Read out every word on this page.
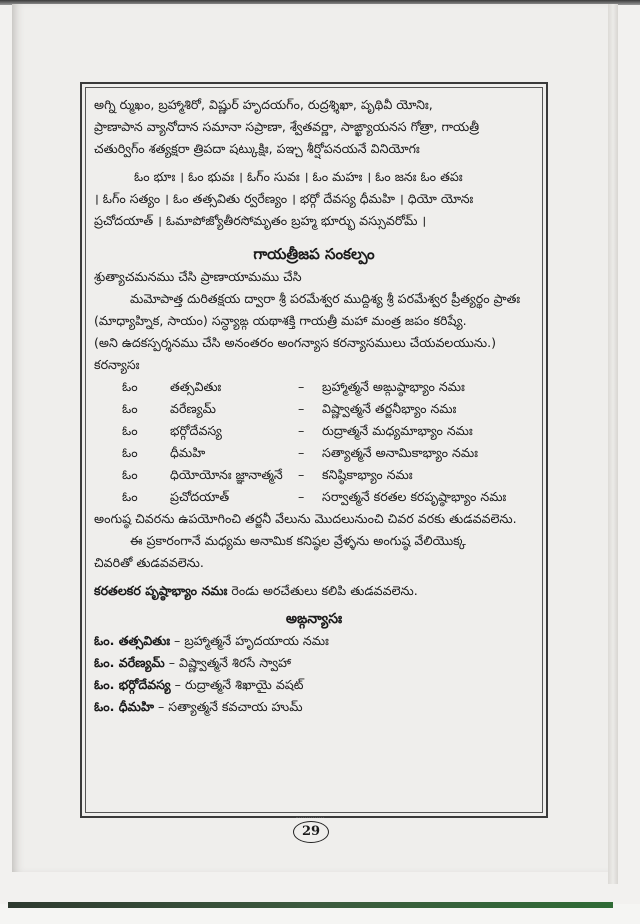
అగ్ని ర్ముఖం, బ్రహ్మాశిరో, విష్ణుర్ హృదయగ్ం, రుద్రశ్శిఖా, పృథివీ యోనిః,
ప్రాణాపాన వ్యానోదాన సమానా సప్రాణా, శ్వేతవర్ణా, సాఙ్ఖ్యాయనస గోత్రా, గాయత్రీ
చతుర్విగ్ం శత్యక్షరా త్రిపదా షట్కుక్షిః, పఞ్చ శీర్షోపనయనే వినియోగః
ఓం భూః । ఓం భువః । ఓగ్ం సువః । ఓం మహః । ఓం జనః ఓం తపః
। ఓగ్ం సత్యం । ఓం తత్సవితు ర్వరేణ్యం । భర్గో దేవస్య ధీమహి । ధియో యోనః
ప్రచోదయాత్ । ఓమాపోజ్యోతీరసోమృతం బ్రహ్మ భూర్భు వస్సువరోమ్ ।
గాయత్రీజప సంకల్పం
శ్రుత్యాచమనము చేసి ప్రాణాయామము చేసి
మమోపాత్త దురితక్షయ ద్వారా శ్రీ పరమేశ్వర ముద్దిశ్య శ్రీ పరమేశ్వర ప్రీత్యర్థం ప్రాతః
(మాధ్యాహ్నిక, సాయం) సన్ధ్యాఙ్గ యథాశక్తి గాయత్రీ మహా మంత్ర జపం కరిష్యే.
(అని ఉదకస్పర్శనము చేసి అనంతరం అంగన్యాస కరన్యాసములు చేయవలయును.)
కరన్యాసః
ఓం	తత్సవితుః	–	బ్రహ్మాత్మనే అఙ్గుష్ఠాభ్యాం నమః
ఓం	వరేణ్యమ్	–	విష్ణ్వాత్మనే తర్జనీభ్యాం నమః
ఓం	భర్గోదేవస్య	–	రుద్రాత్మనే మధ్యమాభ్యాం నమః
ఓం	ధీమహి	–	సత్యాత్మనే అనామికాభ్యాం నమః
ఓం	ధియోయోనః జ్ఞానాత్మనే	–	కనిష్ఠికాభ్యాం నమః
ఓం	ప్రచోదయాత్	–	సర్వాత్మనే కరతల కరపృష్ఠాభ్యాం నమః
అంగుష్ఠ చివరను ఉపయోగించి తర్జనీ వేలును మొదలునుంచి చివర వరకు తుడవవలెను.
ఈ ప్రకారంగానే మధ్యమ అనామిక కనిష్ఠల వ్రేళ్ళను అంగుష్ఠ వేలియొక్క
చివరితో తుడవవలెను.
కరతలకర పృష్ఠాభ్యాం నమః రెండు అరచేతులు కలిపి తుడవవలెను.
అఙ్గన్యాసః
ఓం. తత్సవితుః – బ్రహ్మాత్మనే హృదయాయ నమః
ఓం. వరేణ్యమ్ – విష్ణ్వాత్మనే శిరసే స్వాహా
ఓం. భర్గోదేవస్య – రుద్రాత్మనే శిఖాయై వషట్
ఓం. ధీమహి – సత్యాత్మనే కవచాయ హుమ్
29
